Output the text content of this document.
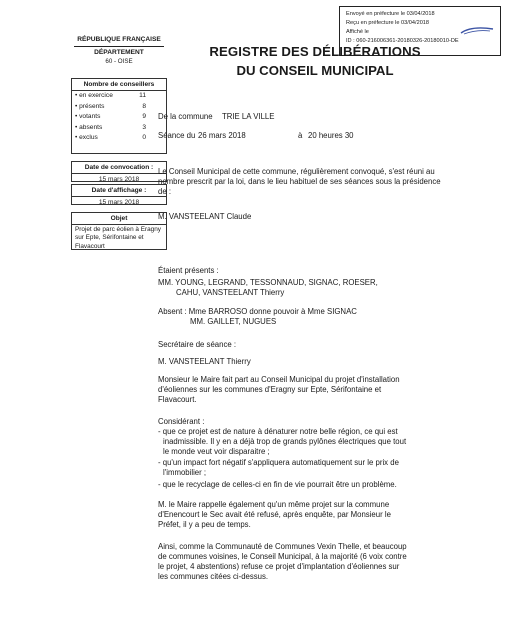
Envoyé en préfecture le 03/04/2018
Reçu en préfecture le 03/04/2018
Affiché le
ID : 060-216006361-20180326-20180010-DE
RÉPUBLIQUE FRANÇAISE
DÉPARTEMENT
60 - OISE
REGISTRE DES DÉLIBÉRATIONS
DU CONSEIL MUNICIPAL
Nombre de conseillers
• en exercice	11
• présents	8
• votants	9
• absents	3
• exclus	0
Date de convocation :
15 mars 2018
Date d'affichage :
15 mars 2018
Objet
Projet de parc éolien à Eragny sur Epte, Sérifontaine et Flavacourt
De la commune TRIE LA VILLE
Séance du 26 mars 2018	à 20 heures 30
Le Conseil Municipal de cette commune, régulièrement convoqué, s'est réuni au nombre prescrit par la loi, dans le lieu habituel de ses séances sous la présidence de :
M. VANSTEELANT Claude
Étaient présents :
MM. YOUNG, LEGRAND, TESSONNAUD, SIGNAC, ROESER,
CAHU, VANSTEELANT Thierry
Absent : Mme BARROSO donne pouvoir à Mme SIGNAC
MM. GAILLET, NUGUES
Secrétaire de séance :
M. VANSTEELANT Thierry
Monsieur le Maire fait part au Conseil Municipal du projet d'installation
d'éoliennes sur les communes d'Eragny sur Epte, Sérifontaine et
Flavacourt.
Considérant :
- que ce projet est de nature à dénaturer notre belle région, ce qui est
inadmissible. Il y en a déjà trop de grands pylônes électriques que tout
le monde veut voir disparaitre ;
- qu'un impact fort négatif s'appliquera automatiquement sur le prix de
l'immobilier ;
- que le recyclage de celles-ci en fin de vie pourrait être un problème.
M. le Maire rappelle également qu'un même projet sur la commune
d'Enencourt le Sec avait été refusé, après enquête, par Monsieur le
Préfet, il y a peu de temps.
Ainsi, comme la Communauté de Communes Vexin Thelle, et beaucoup
de communes voisines, le Conseil Municipal, à la majorité (6 voix contre
le projet, 4 abstentions) refuse ce projet d'implantation d'éoliennes sur
les communes citées ci-dessus.
